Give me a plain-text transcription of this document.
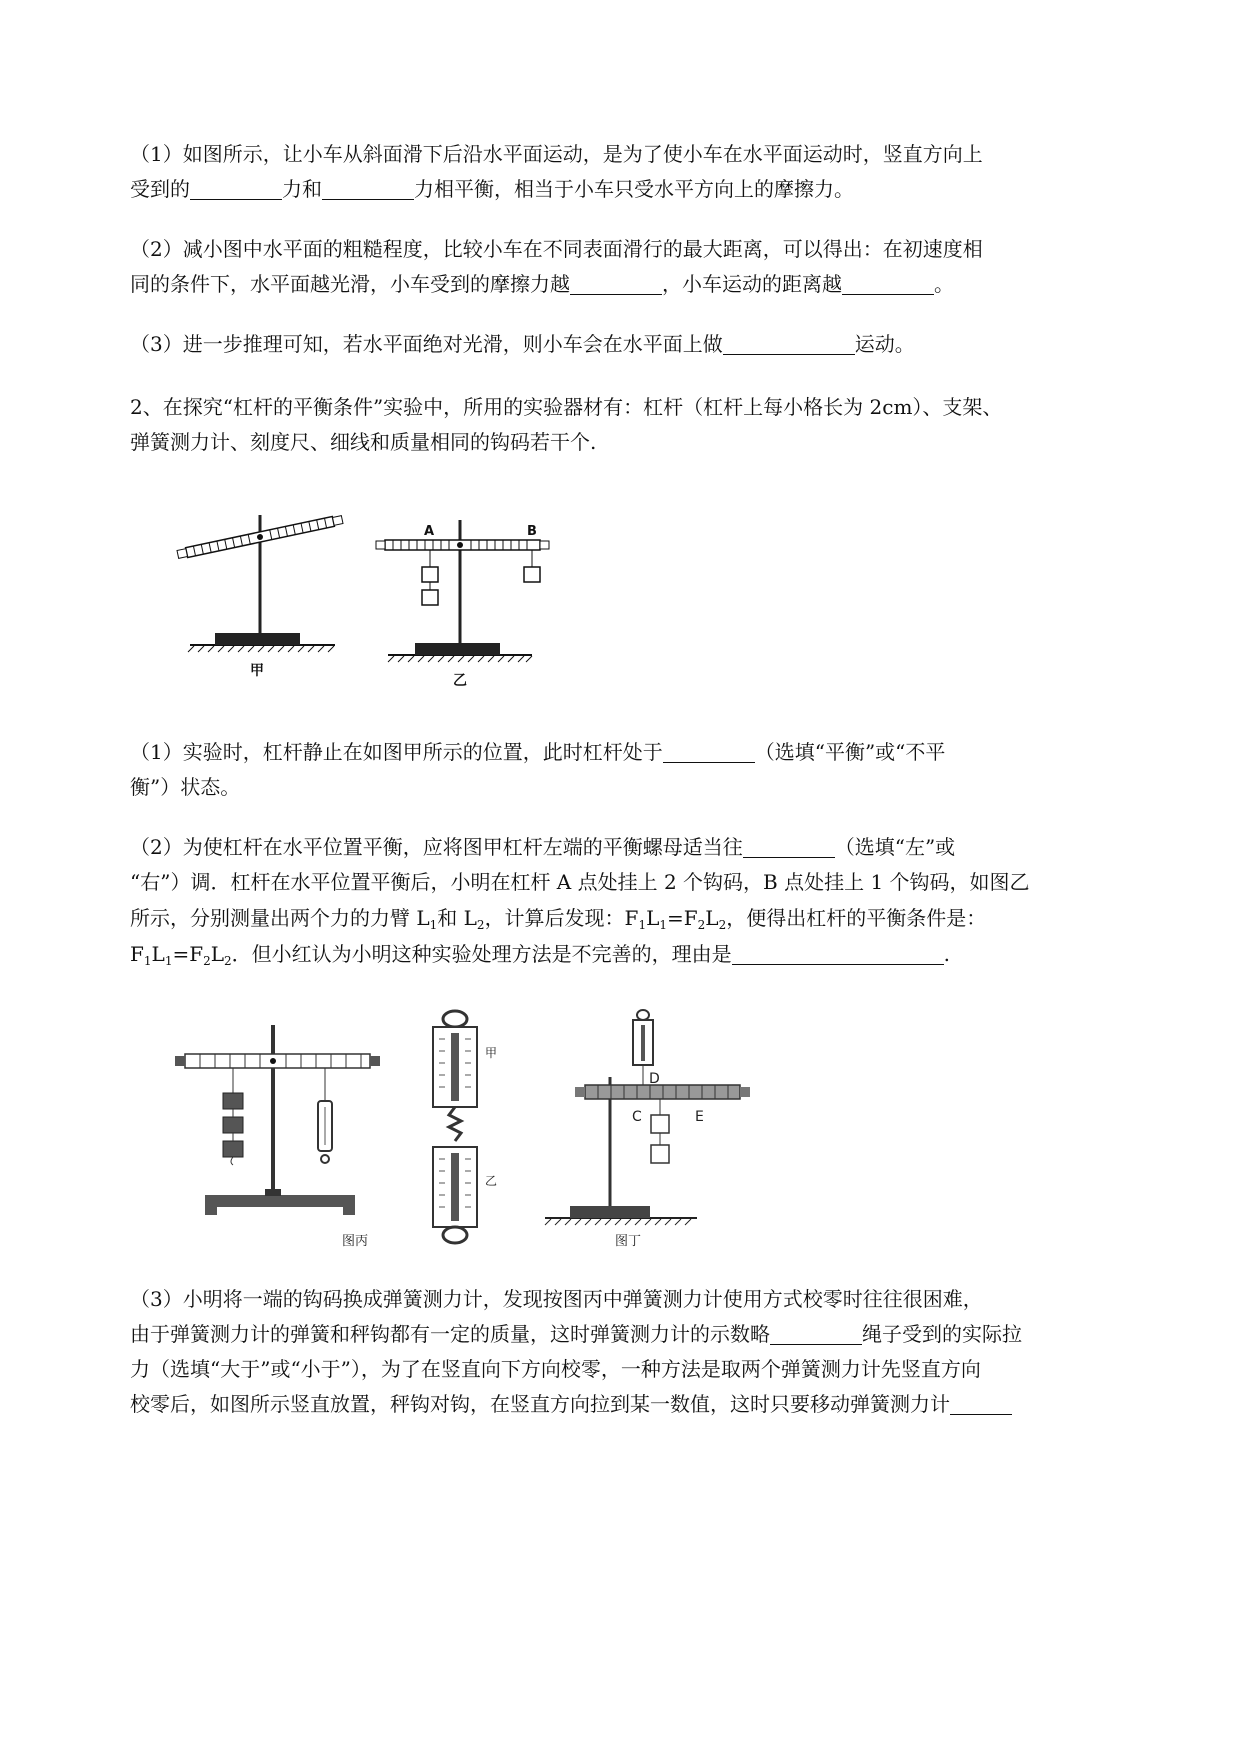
（1）如图所示，让小车从斜面滑下后沿水平面运动，是为了使小车在水平面运动时，竖直方向上
受到的	力和	力相平衡，相当于小车只受水平方向上的摩擦力。
（2）减小图中水平面的粗糙程度，比较小车在不同表面滑行的最大距离，可以得出：在初速度相
同的条件下，水平面越光滑，小车受到的摩擦力越	，小车运动的距离越	。
（3）进一步推理可知，若水平面绝对光滑，则小车会在水平面上做	运动。
2、在探究“杠杆的平衡条件”实验中，所用的实验器材有：杠杆（杠杆上每小格长为 2cm）、支架、
弹簧测力计、刻度尺、细线和质量相同的钩码若干个.
甲
A	B
乙
（1）实验时，杠杆静止在如图甲所示的位置，此时杠杆处于	（选填“平衡”或“不平
衡”）状态。
（2）为使杠杆在水平位置平衡，应将图甲杠杆左端的平衡螺母适当往	（选填“左”或
“右”）调．杠杆在水平位置平衡后，小明在杠杆 A 点处挂上 2 个钩码，B 点处挂上 1 个钩码，如图乙
所示，分别测量出两个力的力臂 $L_1$和 $L_2$，计算后发现：$F_1L_1=F_2L_2$，便得出杠杆的平衡条件是：
$F_1L_1=F_2L_2$．但小红认为小明这种实验处理方法是不完善的，理由是	.
图丙
甲
乙
D
C	E
图丁
（3）小明将一端的钩码换成弹簧测力计，发现按图丙中弹簧测力计使用方式校零时往往很困难，
由于弹簧测力计的弹簧和秤钩都有一定的质量，这时弹簧测力计的示数略	绳子受到的实际拉
力（选填“大于”或“小于”），为了在竖直向下方向校零，一种方法是取两个弹簧测力计先竖直方向
校零后，如图所示竖直放置，秤钩对钩，在竖直方向拉到某一数值，这时只要移动弹簧测力计
